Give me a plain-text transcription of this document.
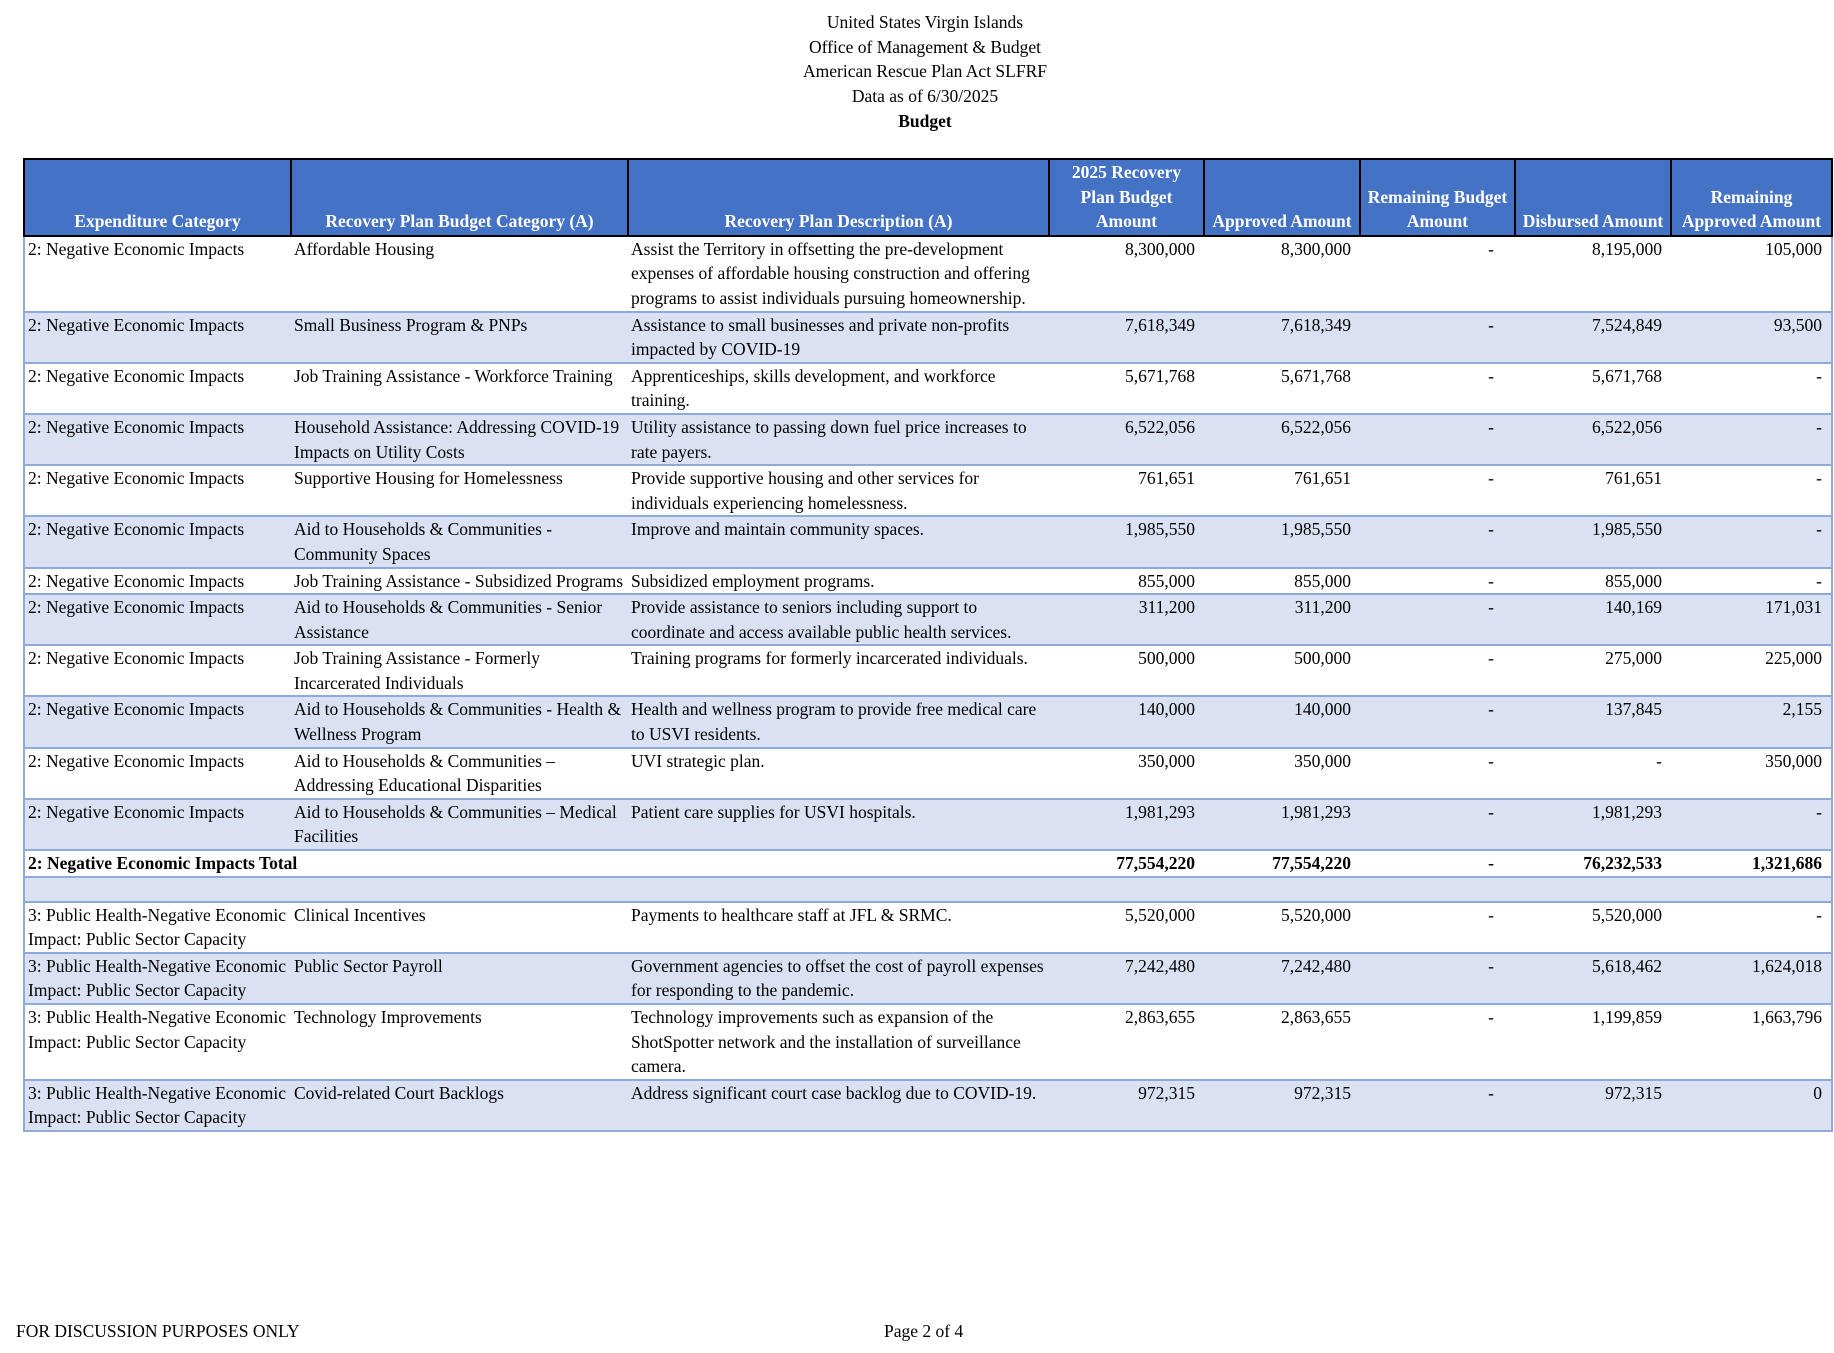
United States Virgin Islands
Office of Management & Budget
American Rescue Plan Act SLFRF
Data as of 6/30/2025
Budget
Expenditure Category	Recovery Plan Budget Category (A)	Recovery Plan Description (A)	2025 Recovery Plan Budget Amount	Approved Amount	Remaining Budget Amount	Disbursed Amount	Remaining Approved Amount
2: Negative Economic Impacts	Affordable Housing	Assist the Territory in offsetting the pre-development expenses of affordable housing construction and offering programs to assist individuals pursuing homeownership.	8,300,000	8,300,000	-	8,195,000	105,000
2: Negative Economic Impacts	Small Business Program & PNPs	Assistance to small businesses and private non-profits impacted by COVID-19	7,618,349	7,618,349	-	7,524,849	93,500
2: Negative Economic Impacts	Job Training Assistance - Workforce Training	Apprenticeships, skills development, and workforce training.	5,671,768	5,671,768	-	5,671,768	-
2: Negative Economic Impacts	Household Assistance: Addressing COVID-19 Impacts on Utility Costs	Utility assistance to passing down fuel price increases to rate payers.	6,522,056	6,522,056	-	6,522,056	-
2: Negative Economic Impacts	Supportive Housing for Homelessness	Provide supportive housing and other services for individuals experiencing homelessness.	761,651	761,651	-	761,651	-
2: Negative Economic Impacts	Aid to Households & Communities - Community Spaces	Improve and maintain community spaces.	1,985,550	1,985,550	-	1,985,550	-
2: Negative Economic Impacts	Job Training Assistance - Subsidized Programs	Subsidized employment programs.	855,000	855,000	-	855,000	-
2: Negative Economic Impacts	Aid to Households & Communities - Senior Assistance	Provide assistance to seniors including support to coordinate and access available public health services.	311,200	311,200	-	140,169	171,031
2: Negative Economic Impacts	Job Training Assistance - Formerly Incarcerated Individuals	Training programs for formerly incarcerated individuals.	500,000	500,000	-	275,000	225,000
2: Negative Economic Impacts	Aid to Households & Communities - Health & Wellness Program	Health and wellness program to provide free medical care to USVI residents.	140,000	140,000	-	137,845	2,155
2: Negative Economic Impacts	Aid to Households & Communities – Addressing Educational Disparities	UVI strategic plan.	350,000	350,000	-	-	350,000
2: Negative Economic Impacts	Aid to Households & Communities – Medical Facilities	Patient care supplies for USVI hospitals.	1,981,293	1,981,293	-	1,981,293	-
2: Negative Economic Impacts Total			77,554,220	77,554,220	-	76,232,533	1,321,686

3: Public Health-Negative Economic Impact: Public Sector Capacity	Clinical Incentives	Payments to healthcare staff at JFL & SRMC.	5,520,000	5,520,000	-	5,520,000	-
3: Public Health-Negative Economic Impact: Public Sector Capacity	Public Sector Payroll	Government agencies to offset the cost of payroll expenses for responding to the pandemic.	7,242,480	7,242,480	-	5,618,462	1,624,018
3: Public Health-Negative Economic Impact: Public Sector Capacity	Technology Improvements	Technology improvements such as expansion of the ShotSpotter network and the installation of surveillance camera.	2,863,655	2,863,655	-	1,199,859	1,663,796
3: Public Health-Negative Economic Impact: Public Sector Capacity	Covid-related Court Backlogs	Address significant court case backlog due to COVID-19.	972,315	972,315	-	972,315	0
FOR DISCUSSION PURPOSES ONLY	Page 2 of 4
